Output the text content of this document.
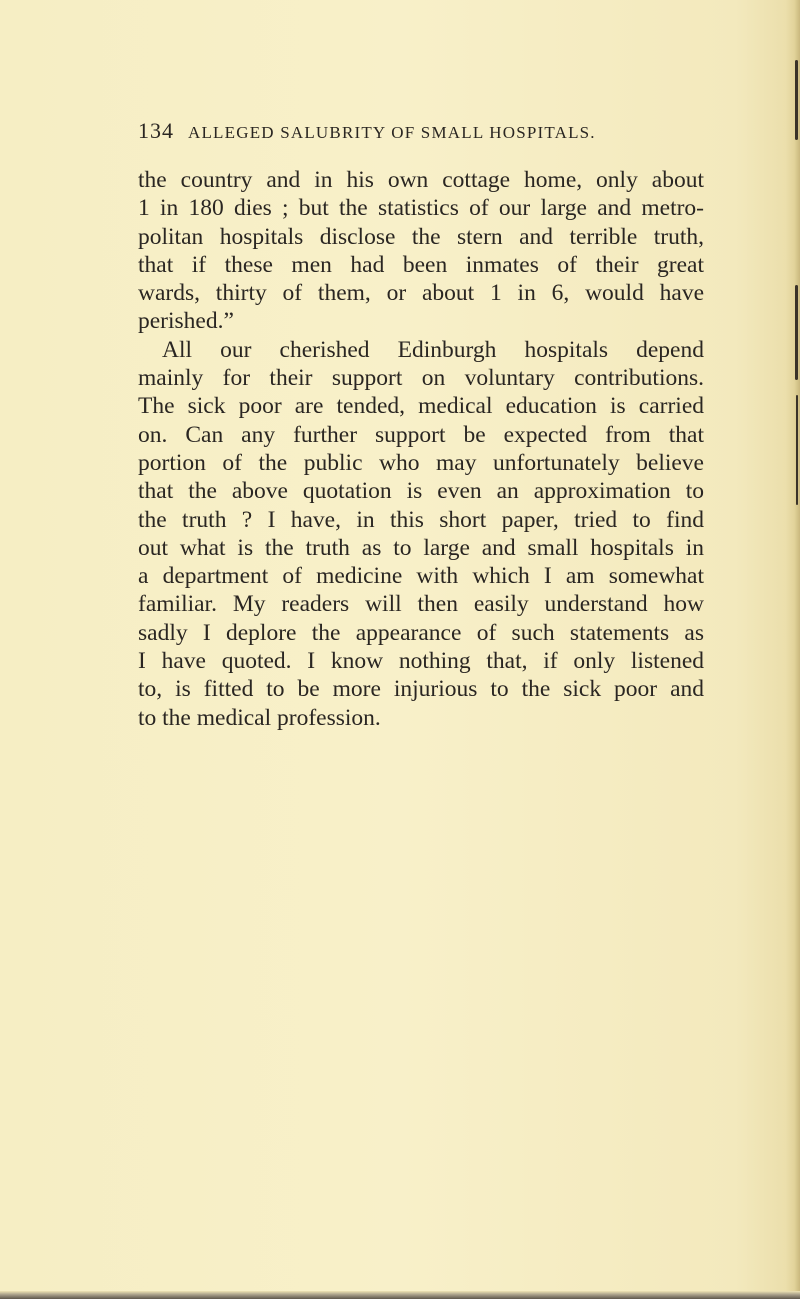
134 ALLEGED SALUBRITY OF SMALL HOSPITALS.
the country and in his own cottage home, only about
1 in 180 dies ; but the statistics of our large and metro-
politan hospitals disclose the stern and terrible truth,
that if these men had been inmates of their great
wards, thirty of them, or about 1 in 6, would have
perished.”
All our cherished Edinburgh hospitals depend
mainly for their support on voluntary contributions.
The sick poor are tended, medical education is carried
on. Can any further support be expected from that
portion of the public who may unfortunately believe
that the above quotation is even an approximation to
the truth ? I have, in this short paper, tried to find
out what is the truth as to large and small hospitals in
a department of medicine with which I am somewhat
familiar. My readers will then easily understand how
sadly I deplore the appearance of such statements as
I have quoted. I know nothing that, if only listened
to, is fitted to be more injurious to the sick poor and
to the medical profession.
